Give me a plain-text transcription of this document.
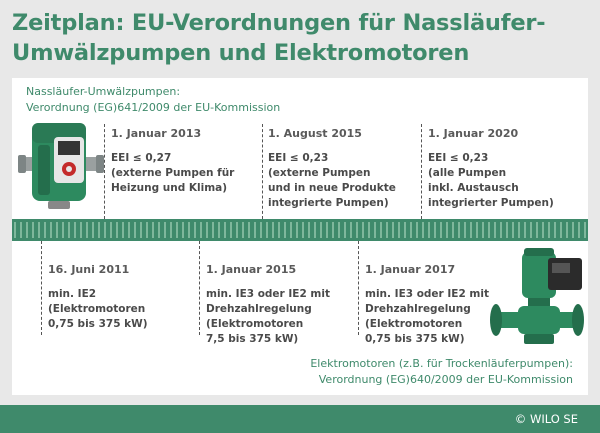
Zeitplan: EU-Verordnungen für Nassläufer-
Umwälzpumpen und Elektromotoren
Nassläufer-Umwälzpumpen:
Verordnung (EG)641/2009 der EU-Kommission
1. Januar 2013
EEI ≤ 0,27
(externe Pumpen für
Heizung und Klima)
1. August 2015
EEI ≤ 0,23
(externe Pumpen
und in neue Produkte
integrierte Pumpen)
1. Januar 2020
EEI ≤ 0,23
(alle Pumpen
inkl. Austausch
integrierter Pumpen)
16. Juni 2011
min. IE2
(Elektromotoren
0,75 bis 375 kW)
1. Januar 2015
min. IE3 oder IE2 mit
Drehzahlregelung
(Elektromotoren
7,5 bis 375 kW)
1. Januar 2017
min. IE3 oder IE2 mit
Drehzahlregelung
(Elektromotoren
0,75 bis 375 kW)
Elektromotoren (z.B. für Trockenläuferpumpen):
Verordnung (EG)640/2009 der EU-Kommission
© WILO SE
